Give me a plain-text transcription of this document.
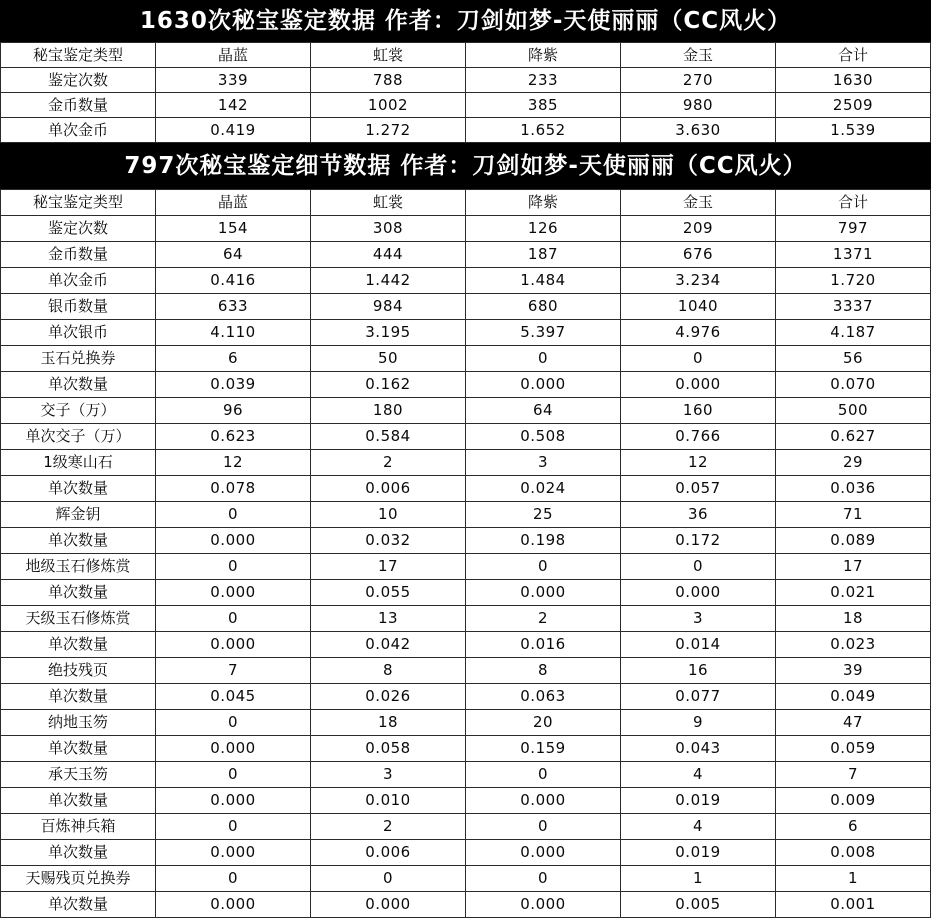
1630次秘宝鉴定数据 作者：刀剑如梦-天使丽丽（CC风火）
秘宝鉴定类型	晶蓝	虹裳	降紫	金玉	合计
鉴定次数	339	788	233	270	1630
金币数量	142	1002	385	980	2509
单次金币	0.419	1.272	1.652	3.630	1.539
797次秘宝鉴定细节数据 作者：刀剑如梦-天使丽丽（CC风火）
秘宝鉴定类型	晶蓝	虹裳	降紫	金玉	合计
鉴定次数	154	308	126	209	797
金币数量	64	444	187	676	1371
单次金币	0.416	1.442	1.484	3.234	1.720
银币数量	633	984	680	1040	3337
单次银币	4.110	3.195	5.397	4.976	4.187
玉石兑换券	6	50	0	0	56
单次数量	0.039	0.162	0.000	0.000	0.070
交子（万）	96	180	64	160	500
单次交子（万）	0.623	0.584	0.508	0.766	0.627
1级寒山石	12	2	3	12	29
单次数量	0.078	0.006	0.024	0.057	0.036
辉金钥	0	10	25	36	71
单次数量	0.000	0.032	0.198	0.172	0.089
地级玉石修炼赏	0	17	0	0	17
单次数量	0.000	0.055	0.000	0.000	0.021
天级玉石修炼赏	0	13	2	3	18
单次数量	0.000	0.042	0.016	0.014	0.023
绝技残页	7	8	8	16	39
单次数量	0.045	0.026	0.063	0.077	0.049
纳地玉笏	0	18	20	9	47
单次数量	0.000	0.058	0.159	0.043	0.059
承天玉笏	0	3	0	4	7
单次数量	0.000	0.010	0.000	0.019	0.009
百炼神兵箱	0	2	0	4	6
单次数量	0.000	0.006	0.000	0.019	0.008
天赐残页兑换券	0	0	0	1	1
单次数量	0.000	0.000	0.000	0.005	0.001
